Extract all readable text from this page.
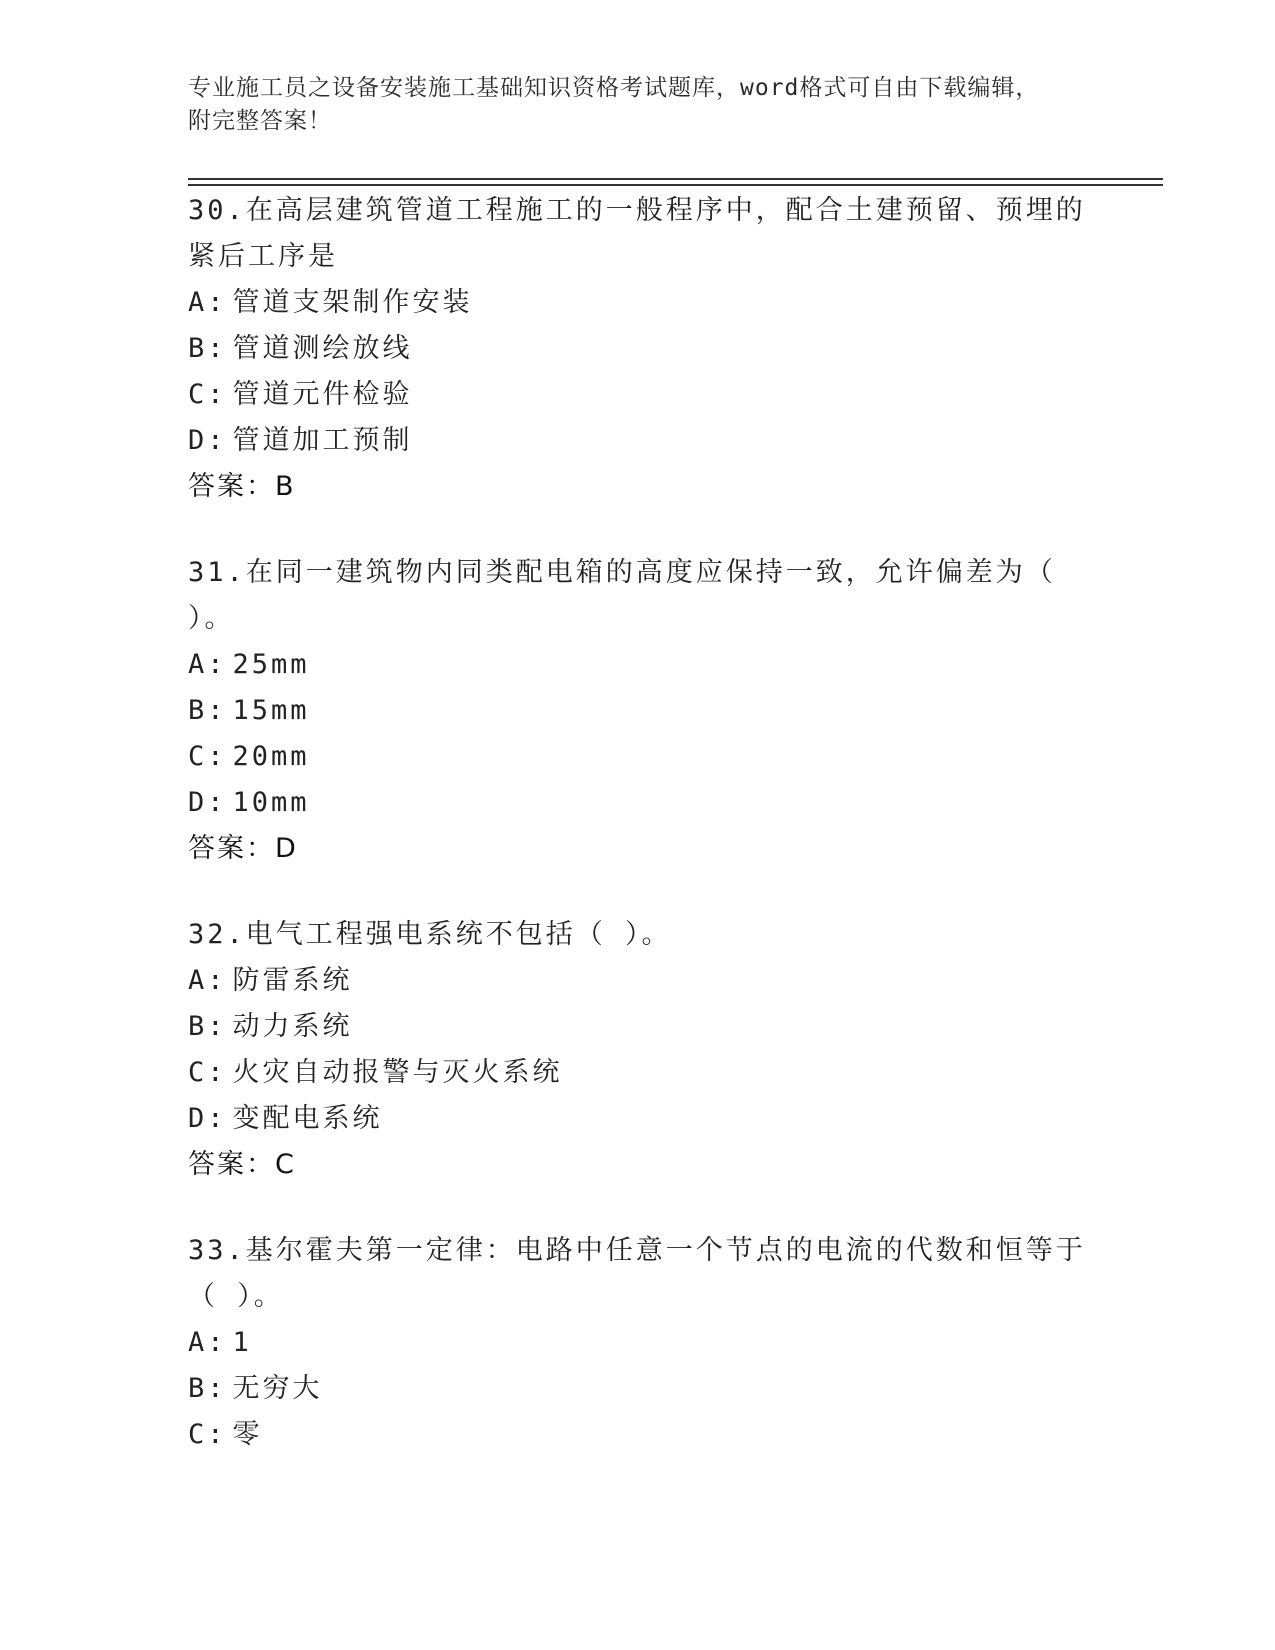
专业施工员之设备安装施工基础知识资格考试题库，word格式可自由下载编辑，
附完整答案！
30.在高层建筑管道工程施工的一般程序中，配合土建预留、预埋的紧后工序是
A: 管道支架制作安装
B: 管道测绘放线
C: 管道元件检验
D: 管道加工预制
答案：B
31.在同一建筑物内同类配电箱的高度应保持一致，允许偏差为（ ）。
A: 25mm
B: 15mm
C: 20mm
D: 10mm
答案：D
32.电气工程强电系统不包括（ ）。
A: 防雷系统
B: 动力系统
C: 火灾自动报警与灭火系统
D: 变配电系统
答案：C
33.基尔霍夫第一定律：电路中任意一个节点的电流的代数和恒等于（ ）。
A: 1
B: 无穷大
C: 零
